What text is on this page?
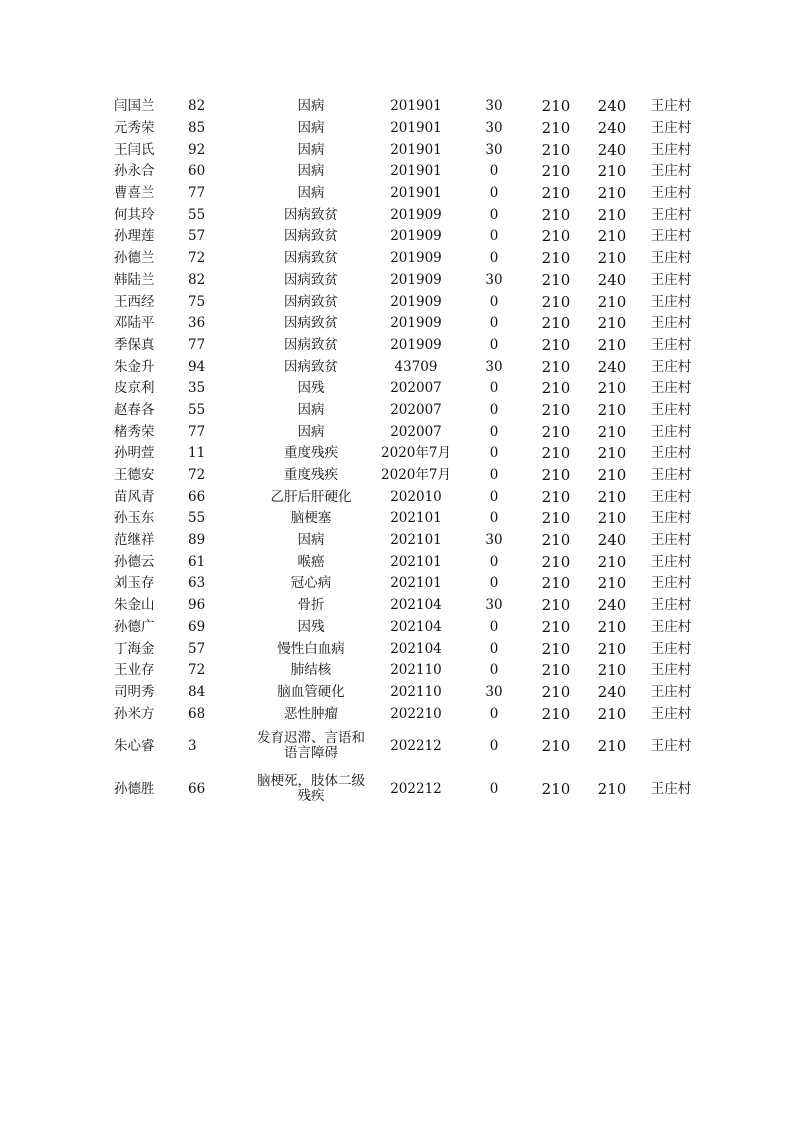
闫国兰	82	因病	201901	30	210	240	王庄村
元秀荣	85	因病	201901	30	210	240	王庄村
王闫氏	92	因病	201901	30	210	240	王庄村
孙永合	60	因病	201901	0	210	210	王庄村
曹喜兰	77	因病	201901	0	210	210	王庄村
何其玲	55	因病致贫	201909	0	210	210	王庄村
孙理莲	57	因病致贫	201909	0	210	210	王庄村
孙德兰	72	因病致贫	201909	0	210	210	王庄村
韩陆兰	82	因病致贫	201909	30	210	240	王庄村
王西经	75	因病致贫	201909	0	210	210	王庄村
邓陆平	36	因病致贫	201909	0	210	210	王庄村
季保真	77	因病致贫	201909	0	210	210	王庄村
朱金升	94	因病致贫	43709	30	210	240	王庄村
皮京利	35	因残	202007	0	210	210	王庄村
赵春各	55	因病	202007	0	210	210	王庄村
楮秀荣	77	因病	202007	0	210	210	王庄村
孙明萱	11	重度残疾	2020年7月	0	210	210	王庄村
王德安	72	重度残疾	2020年7月	0	210	210	王庄村
苗风青	66	乙肝后肝硬化	202010	0	210	210	王庄村
孙玉东	55	脑梗塞	202101	0	210	210	王庄村
范继祥	89	因病	202101	30	210	240	王庄村
孙德云	61	喉癌	202101	0	210	210	王庄村
刘玉存	63	冠心病	202101	0	210	210	王庄村
朱金山	96	骨折	202104	30	210	240	王庄村
孙德广	69	因残	202104	0	210	210	王庄村
丁海金	57	慢性白血病	202104	0	210	210	王庄村
王业存	72	肺结核	202110	0	210	210	王庄村
司明秀	84	脑血管硬化	202110	30	210	240	王庄村
孙米方	68	恶性肿瘤	202210	0	210	210	王庄村
朱心睿	3	发育迟滞、言语和语言障碍	202212	0	210	210	王庄村
孙德胜	66	脑梗死，肢体二级残疾	202212	0	210	210	王庄村
